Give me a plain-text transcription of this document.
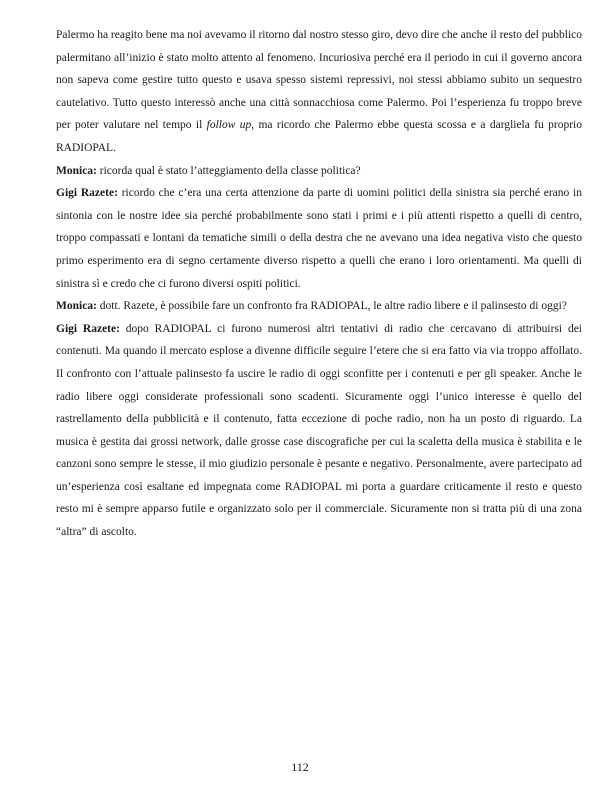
Palermo ha reagito bene ma noi avevamo il ritorno dal nostro stesso giro, devo dire che anche il resto del pubblico palermitano all’inizio è stato molto attento al fenomeno. Incuriosiva perché era il periodo in cui il governo ancora non sapeva come gestire tutto questo e usava spesso sistemi repressivi, noi stessi abbiamo subito un sequestro cautelativo. Tutto questo interessò anche una città sonnacchiosa come Palermo. Poi l’esperienza fu troppo breve per poter valutare nel tempo il follow up, ma ricordo che Palermo ebbe questa scossa e a dargliela fu proprio RADIOPAL.

Monica: ricorda qual è stato l’atteggiamento della classe politica?

Gigi Razete: ricordo che c’era una certa attenzione da parte di uomini politici della sinistra sia perché erano in sintonia con le nostre idee sia perché probabilmente sono stati i primi e i più attenti rispetto a quelli di centro, troppo compassati e lontani da tematiche simili o della destra che ne avevano una idea negativa visto che questo primo esperimento era di segno certamente diverso rispetto a quelli che erano i loro orientamenti. Ma quelli di sinistra sì e credo che ci furono diversi ospiti politici.

Monica: dott. Razete, è possibile fare un confronto fra RADIOPAL, le altre radio libere e il palinsesto di oggi?

Gigi Razete: dopo RADIOPAL ci furono numerosi altri tentativi di radio che cercavano di attribuirsi dei contenuti. Ma quando il mercato esplose a divenne difficile seguire l’etere che si era fatto via via troppo affollato. Il confronto con l’attuale palinsesto fa uscire le radio di oggi sconfitte per i contenuti e per gli speaker. Anche le radio libere oggi considerate professionali sono scadenti. Sicuramente oggi l’unico interesse è quello del rastrellamento della pubblicità e il contenuto, fatta eccezione di poche radio, non ha un posto di riguardo. La musica è gestita dai grossi network, dalle grosse case discografiche per cui la scaletta della musica è stabilita e le canzoni sono sempre le stesse, il mio giudizio personale è pesante e negativo. Personalmente, avere partecipato ad un’esperienza così esaltane ed impegnata come RADIOPAL mi porta a guardare criticamente il resto e questo resto mi è sempre apparso futile e organizzato solo per il commerciale. Sicuramente non si tratta più di una zona “altra” di ascolto.

112
